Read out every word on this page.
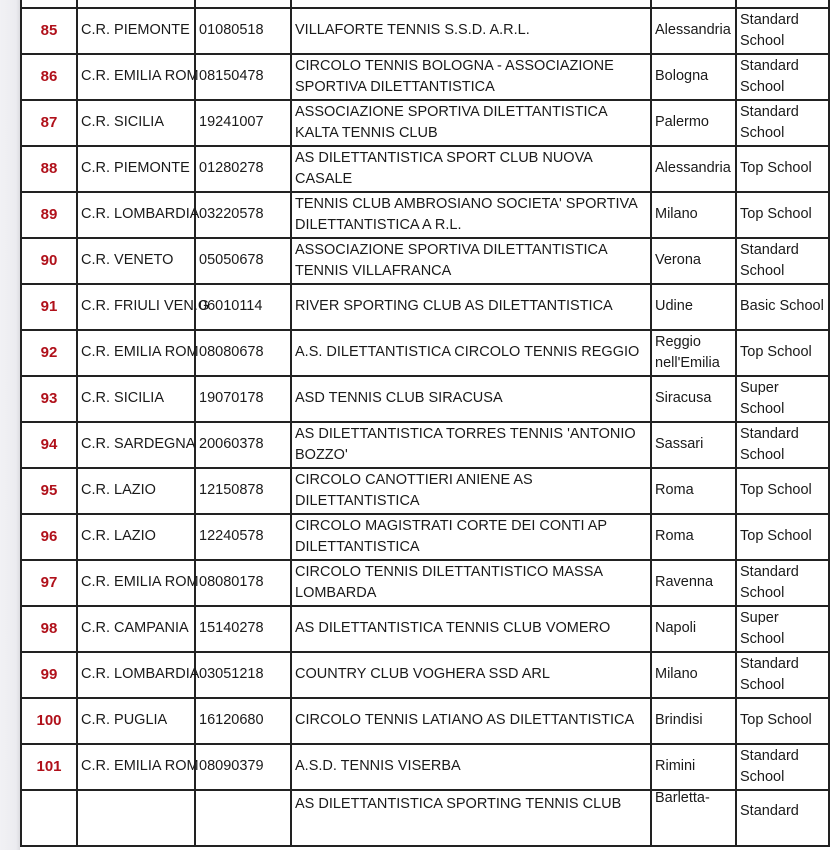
85	C.R. PIEMONTE	01080518	VILLAFORTE TENNIS S.S.D. A.R.L.	Alessandria	Standard School
86	C.R. EMILIA ROM	08150478	CIRCOLO TENNIS BOLOGNA - ASSOCIAZIONE SPORTIVA DILETTANTISTICA	Bologna	Standard School
87	C.R. SICILIA	19241007	ASSOCIAZIONE SPORTIVA DILETTANTISTICA KALTA TENNIS CLUB	Palermo	Standard School
88	C.R. PIEMONTE	01280278	AS DILETTANTISTICA SPORT CLUB NUOVA CASALE	Alessandria	Top School
89	C.R. LOMBARDIA	03220578	TENNIS CLUB AMBROSIANO SOCIETA' SPORTIVA DILETTANTISTICA A R.L.	Milano	Top School
90	C.R. VENETO	05050678	ASSOCIAZIONE SPORTIVA DILETTANTISTICA TENNIS VILLAFRANCA	Verona	Standard School
91	C.R. FRIULI VEN.G	06010114	RIVER SPORTING CLUB AS DILETTANTISTICA	Udine	Basic School
92	C.R. EMILIA ROM	08080678	A.S. DILETTANTISTICA CIRCOLO TENNIS REGGIO	Reggio nell'Emilia	Top School
93	C.R. SICILIA	19070178	ASD TENNIS CLUB SIRACUSA	Siracusa	Super School
94	C.R. SARDEGNA	20060378	AS DILETTANTISTICA TORRES TENNIS 'ANTONIO BOZZO'	Sassari	Standard School
95	C.R. LAZIO	12150878	CIRCOLO CANOTTIERI ANIENE AS DILETTANTISTICA	Roma	Top School
96	C.R. LAZIO	12240578	CIRCOLO MAGISTRATI CORTE DEI CONTI AP DILETTANTISTICA	Roma	Top School
97	C.R. EMILIA ROM	08080178	CIRCOLO TENNIS DILETTANTISTICO MASSA LOMBARDA	Ravenna	Standard School
98	C.R. CAMPANIA	15140278	AS DILETTANTISTICA TENNIS CLUB VOMERO	Napoli	Super School
99	C.R. LOMBARDIA	03051218	COUNTRY CLUB VOGHERA SSD ARL	Milano	Standard School
100	C.R. PUGLIA	16120680	CIRCOLO TENNIS LATIANO AS DILETTANTISTICA	Brindisi	Top School
101	C.R. EMILIA ROM	08090379	A.S.D. TENNIS VISERBA	Rimini	Standard School
			AS DILETTANTISTICA SPORTING TENNIS CLUB	Barletta-	Standard
